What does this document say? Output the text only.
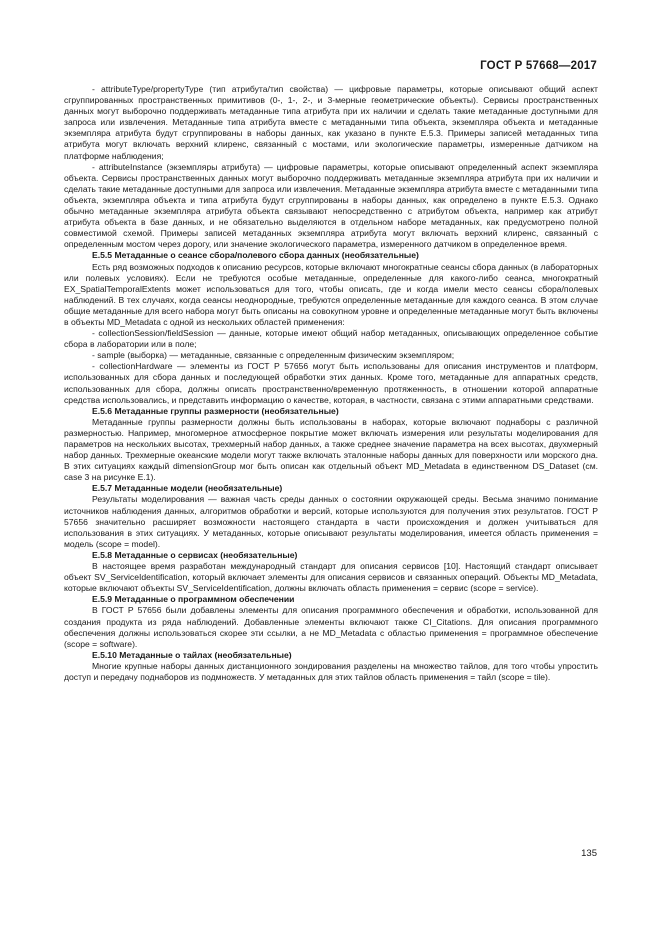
ГОСТ Р 57668—2017

- attributeType/propertyType (тип атрибута/тип свойства) — цифровые параметры, которые описывают общий аспект сгруппированных пространственных примитивов (0-, 1-, 2-, и 3-мерные геометрические объекты). Сервисы пространственных данных могут выборочно поддерживать метаданные типа атрибута при их наличии и сделать такие метаданные доступными для запроса или извлечения. Метаданные типа атрибута вместе с метаданными типа объекта, экземпляра объекта и метаданные экземпляра атрибута будут сгруппированы в наборы данных, как указано в пункте Е.5.3. Примеры записей метаданных типа атрибута могут включать верхний клиренс, связанный с мостами, или экологические параметры, измеренные датчиком на платформе наблюдения;

- attributeInstance (экземпляры атрибута) — цифровые параметры, которые описывают определенный аспект экземпляра объекта. Сервисы пространственных данных могут выборочно поддерживать метаданные экземпляра атрибута при их наличии и сделать такие метаданные доступными для запроса или извлечения. Метаданные экземпляра атрибута вместе с метаданными типа объекта, экземпляра объекта и типа атрибута будут сгруппированы в наборы данных, как определено в пункте Е.5.3. Однако обычно метаданные экземпляра атрибута объекта связывают непосредственно с атрибутом объекта, например как атрибут атрибута объекта в базе данных, и не обязательно выделяются в отдельном наборе метаданных, как предусмотрено полной совместимой схемой. Примеры записей метаданных экземпляра атрибута могут включать верхний клиренс, связанный с определенным мостом через дорогу, или значение экологического параметра, измеренного датчиком в определенное время.

Е.5.5 Метаданные о сеансе сбора/полевого сбора данных (необязательные)

Есть ряд возможных подходов к описанию ресурсов, которые включают многократные сеансы сбора данных (в лабораторных или полевых условиях). Если не требуются особые метаданные, определенные для какого-либо сеанса, многократный EX_SpatialTemporalExtents может использоваться для того, чтобы описать, где и когда имели место сеансы сбора/полевых наблюдений. В тех случаях, когда сеансы неоднородные, требуются определенные метаданные для каждого сеанса. В этом случае общие метаданные для всего набора могут быть описаны на совокупном уровне и определенные метаданные могут быть включены в объекты MD_Metadata с одной из нескольких областей применения:

- collectionSession/fieldSession — данные, которые имеют общий набор метаданных, описывающих определенное событие сбора в лаборатории или в поле;

- sample (выборка) — метаданные, связанные с определенным физическим экземпляром;

- collectionHardware — элементы из ГОСТ Р 57656 могут быть использованы для описания инструментов и платформ, использованных для сбора данных и последующей обработки этих данных. Кроме того, метаданные для аппаратных средств, использованных для сбора, должны описать пространственно/временную протяженность, в отношении которой аппаратные средства использовались, и представить информацию о качестве, которая, в частности, связана с этими аппаратными средствами.

Е.5.6 Метаданные группы размерности (необязательные)

Метаданные группы размерности должны быть использованы в наборах, которые включают поднаборы с различной размерностью. Например, многомерное атмосферное покрытие может включать измерения или результаты моделирования для параметров на нескольких высотах, трехмерный набор данных, а также среднее значение параметра на всех высотах, двухмерный набор данных. Трехмерные океанские модели могут также включать эталонные наборы данных для поверхности или морского дна. В этих ситуациях каждый dimensionGroup мог быть описан как отдельный объект MD_Metadata в единственном DS_Dataset (см. case 3 на рисунке Е.1).

Е.5.7 Метаданные модели (необязательные)

Результаты моделирования — важная часть среды данных о состоянии окружающей среды. Весьма значимо понимание источников наблюдения данных, алгоритмов обработки и версий, которые используются для получения этих результатов. ГОСТ Р 57656 значительно расширяет возможности настоящего стандарта в части происхождения и должен учитываться для использования в этих ситуациях. У метаданных, которые описывают результаты моделирования, имеется область применения = модель (scope = model).

Е.5.8 Метаданные о сервисах (необязательные)

В настоящее время разработан международный стандарт для описания сервисов [10]. Настоящий стандарт описывает объект SV_ServiceIdentification, который включает элементы для описания сервисов и связанных операций. Объекты MD_Metadata, которые включают объекты SV_ServiceIdentification, должны включать область применения = сервис (scope = service).

Е.5.9 Метаданные о программном обеспечении

В ГОСТ Р 57656 были добавлены элементы для описания программного обеспечения и обработки, использованной для создания продукта из ряда наблюдений. Добавленные элементы включают также CI_Citations. Для описания программного обеспечения должны использоваться скорее эти ссылки, а не MD_Metadata с областью применения = программное обеспечение (scope = software).

Е.5.10 Метаданные о тайлах (необязательные)

Многие крупные наборы данных дистанционного зондирования разделены на множество тайлов, для того чтобы упростить доступ и передачу поднаборов из подмножеств. У метаданных для этих тайлов область применения = тайл (scope = tile).

135
